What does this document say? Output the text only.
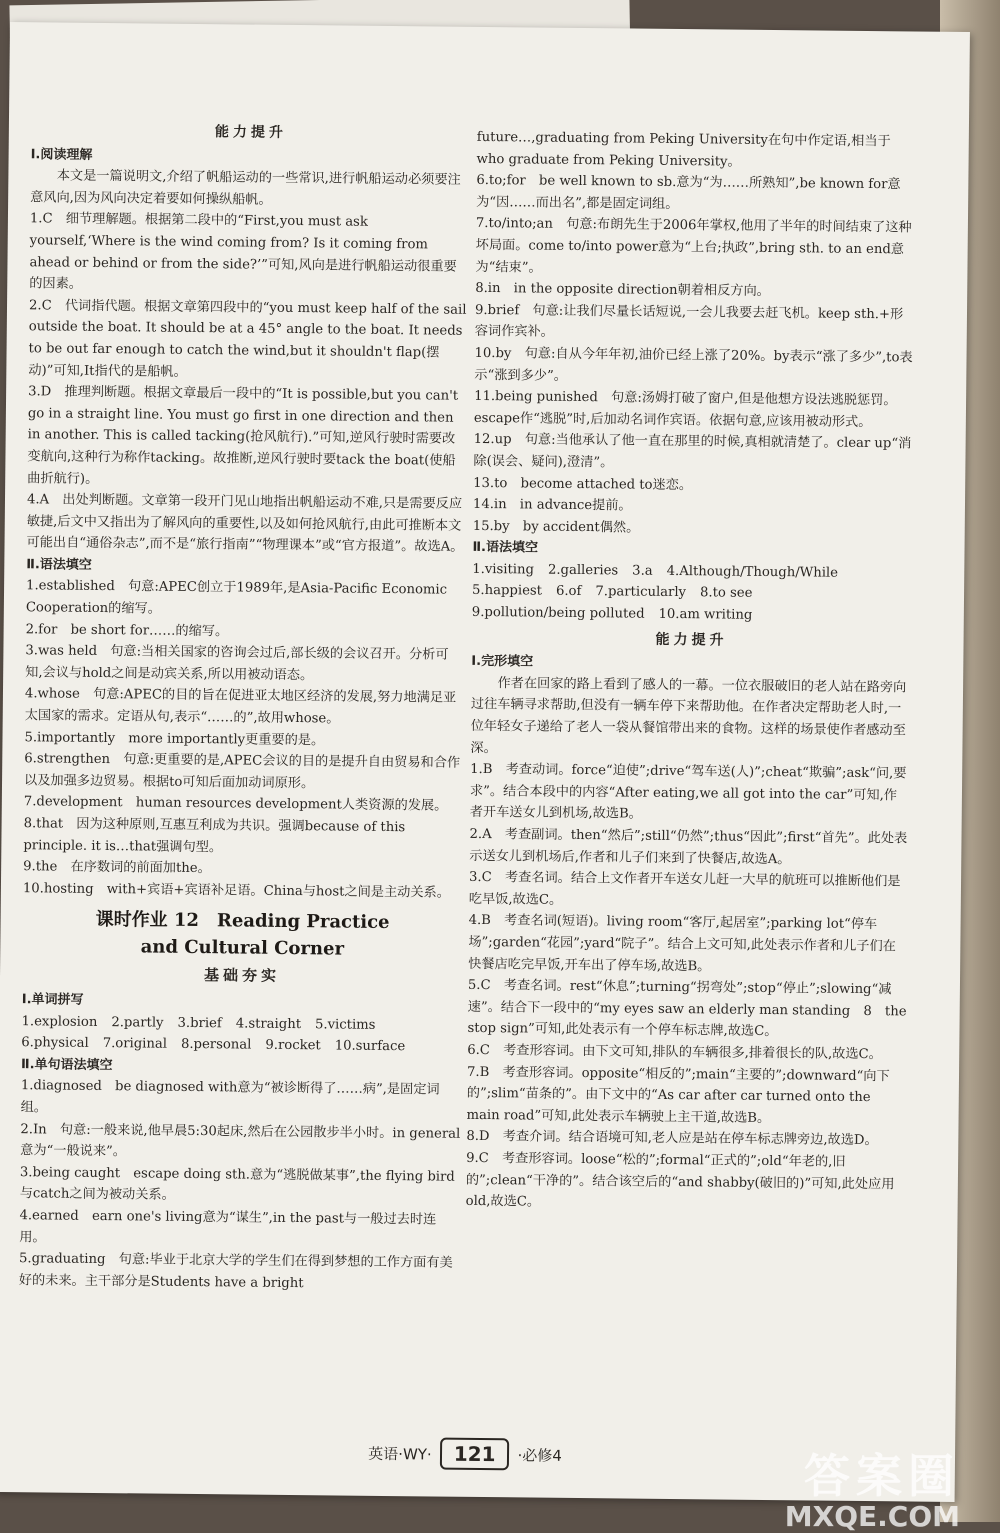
能力提升

Ⅰ.阅读理解

本文是一篇说明文,介绍了帆船运动的一些常识,进行帆船运动必须要注意风向,因为风向决定着要如何操纵船帆。

1.C　细节理解题。根据第二段中的“First,you must ask yourself,‘Where is the wind coming from? Is it coming from ahead or behind or from the side?’”可知,风向是进行帆船运动很重要的因素。

2.C　代词指代题。根据文章第四段中的“you must keep half of the sail outside the boat. It should be at a 45° angle to the boat. It needs to be out far enough to catch the wind,but it shouldn't flap(摆动)”可知,It指代的是船帆。

3.D　推理判断题。根据文章最后一段中的“It is possible,but you can't go in a straight line. You must go first in one direction and then in another. This is called tacking(抢风航行).”可知,逆风行驶时需要改变航向,这种行为称作tacking。故推断,逆风行驶时要tack the boat(使船曲折航行)。

4.A　出处判断题。文章第一段开门见山地指出帆船运动不难,只是需要反应敏捷,后文中又指出为了解风向的重要性,以及如何抢风航行,由此可推断本文可能出自“通俗杂志”,而不是“旅行指南”“物理课本”或“官方报道”。故选A。

Ⅱ.语法填空

1.established　句意:APEC创立于1989年,是Asia-Pacific Economic Cooperation的缩写。

2.for　be short for……的缩写。

3.was held　句意:当相关国家的咨询会过后,部长级的会议召开。分析可知,会议与hold之间是动宾关系,所以用被动语态。

4.whose　句意:APEC的目的旨在促进亚太地区经济的发展,努力地满足亚太国家的需求。定语从句,表示“……的”,故用whose。

5.importantly　more importantly更重要的是。

6.strengthen　句意:更重要的是,APEC会议的目的是提升自由贸易和合作以及加强多边贸易。根据to可知后面加动词原形。

7.development　human resources development人类资源的发展。

8.that　因为这种原则,互惠互利成为共识。强调because of this principle. it is…that强调句型。

9.the　在序数词的前面加the。

10.hosting　with+宾语+宾语补足语。China与host之间是主动关系。

课时作业 12　Reading Practice
and Cultural Corner
基础夯实

Ⅰ.单词拼写

1.explosion 2.partly 3.brief 4.straight 5.victims
6.physical 7.original 8.personal 9.rocket 10.surface

Ⅱ.单句语法填空

1.diagnosed　be diagnosed with意为“被诊断得了……病”,是固定词组。

2.In　句意:一般来说,他早晨5:30起床,然后在公园散步半小时。in general意为“一般说来”。

3.being caught　escape doing sth.意为“逃脱做某事”,the flying bird与catch之间为被动关系。

4.earned　earn one's living意为“谋生”,in the past与一般过去时连用。

5.graduating　句意:毕业于北京大学的学生们在得到梦想的工作方面有美好的未来。主干部分是Students have a bright

future…,graduating from Peking University在句中作定语,相当于who graduate from Peking University。

6.to;for　be well known to sb.意为“为……所熟知”,be known for意为“因……而出名”,都是固定词组。

7.to/into;an　句意:布朗先生于2006年掌权,他用了半年的时间结束了这种坏局面。come to/into power意为“上台;执政”,bring sth. to an end意为“结束”。

8.in　in the opposite direction朝着相反方向。

9.brief　句意:让我们尽量长话短说,一会儿我要去赶飞机。keep sth.+形容词作宾补。

10.by　句意:自从今年年初,油价已经上涨了20%。by表示“涨了多少”,to表示“涨到多少”。

11.being punished　句意:汤姆打破了窗户,但是他想方设法逃脱惩罚。escape作“逃脱”时,后加动名词作宾语。依据句意,应该用被动形式。

12.up　句意:当他承认了他一直在那里的时候,真相就清楚了。clear up“消除(误会、疑问),澄清”。

13.to　become attached to迷恋。

14.in　in advance提前。

15.by　by accident偶然。

Ⅱ.语法填空

1.visiting 2.galleries 3.a 4.Although/Though/While
5.happiest 6.of 7.particularly 8.to see
9.pollution/being polluted 10.am writing
能力提升

Ⅰ.完形填空

作者在回家的路上看到了感人的一幕。一位衣服破旧的老人站在路旁向过往车辆寻求帮助,但没有一辆车停下来帮助他。在作者决定帮助老人时,一位年轻女子递给了老人一袋从餐馆带出来的食物。这样的场景使作者感动至深。

1.B　考查动词。force“迫使”;drive“驾车送(人)”;cheat“欺骗”;ask“问,要求”。结合本段中的内容“After eating,we all got into the car”可知,作者开车送女儿到机场,故选B。

2.A　考查副词。then“然后”;still“仍然”;thus“因此”;first“首先”。此处表示送女儿到机场后,作者和儿子们来到了快餐店,故选A。

3.C　考查名词。结合上文作者开车送女儿赶一大早的航班可以推断他们是吃早饭,故选C。

4.B　考查名词(短语)。living room“客厅,起居室”;parking lot“停车场”;garden“花园”;yard“院子”。结合上文可知,此处表示作者和儿子们在快餐店吃完早饭,开车出了停车场,故选B。

5.C　考查名词。rest“休息”;turning“拐弯处”;stop“停止”;slowing“减速”。结合下一段中的“my eyes saw an elderly man standing　8　the stop sign”可知,此处表示有一个停车标志牌,故选C。

6.C　考查形容词。由下文可知,排队的车辆很多,排着很长的队,故选C。

7.B　考查形容词。opposite“相反的”;main“主要的”;downward“向下的”;slim“苗条的”。由下文中的“As car after car turned onto the main road”可知,此处表示车辆驶上主干道,故选B。

8.D　考查介词。结合语境可知,老人应是站在停车标志牌旁边,故选D。

9.C　考查形容词。loose“松的”;formal“正式的”;old“年老的,旧的”;clean“干净的”。结合该空后的“and shabby(破旧的)”可知,此处应用old,故选C。

英语·WY·	121	·必修4	答案圈
MXQE.COM
